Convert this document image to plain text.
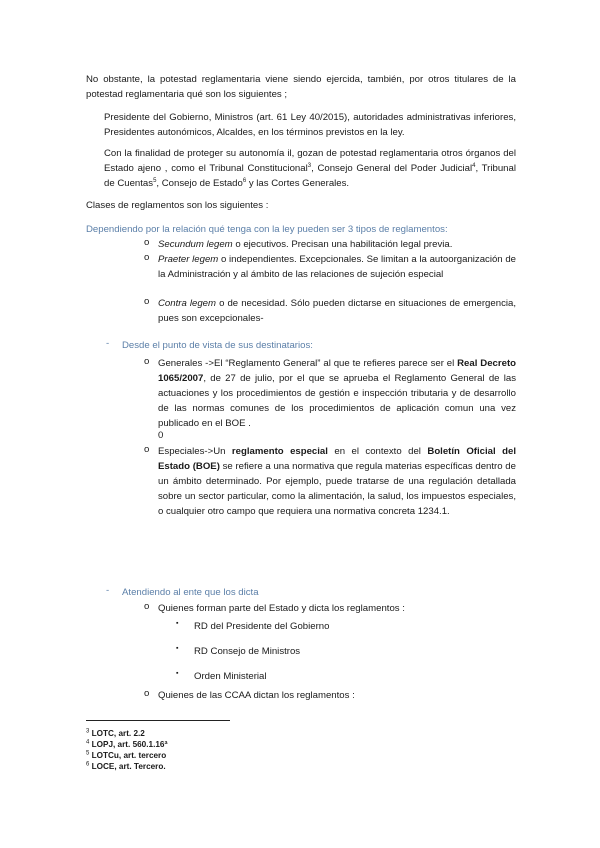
No obstante, la potestad reglamentaria viene siendo ejercida, también, por otros titulares de la potestad reglamentaria qué son los siguientes ;

Presidente del Gobierno, Ministros (art. 61 Ley 40/2015), autoridades administrativas inferiores, Presidentes autonómicos, Alcaldes, en los términos previstos en la ley.

Con la finalidad de proteger su autonomía il, gozan de potestad reglamentaria otros órganos del Estado ajeno , como el Tribunal Constitucional$^3$, Consejo General del Poder Judicial$^4$, Tribunal de Cuentas$^5$, Consejo de Estado$^6$ y las Cortes Generales.

Clases de reglamentos son los siguientes :

Dependiendo por la relación qué tenga con la ley pueden ser 3 tipos de reglamentos:

o Secundum legem o ejecutivos. Precisan una habilitación legal previa.

o Praeter legem o independientes. Excepcionales. Se limitan a la autoorganización de la Administración y al ámbito de las relaciones de sujeción especial

o Contra legem o de necesidad. Sólo pueden dictarse en situaciones de emergencia, pues son excepcionales-

- Desde el punto de vista de sus destinatarios:

o Generales ->El “Reglamento General” al que te refieres parece ser el Real Decreto 1065/2007, de 27 de julio, por el que se aprueba el Reglamento General de las actuaciones y los procedimientos de gestión e inspección tributaria y de desarrollo de las normas comunes de los procedimientos de aplicación comun una vez publicado en el BOE .

0

o Especiales->Un reglamento especial en el contexto del Boletín Oficial del Estado (BOE) se refiere a una normativa que regula materias específicas dentro de un ámbito determinado. Por ejemplo, puede tratarse de una regulación detallada sobre un sector particular, como la alimentación, la salud, los impuestos especiales, o cualquier otro campo que requiera una normativa concreta 1234.1.

- Atendiendo al ente que los dicta

o Quienes forman parte del Estado y dicta los reglamentos :

▪ RD del Presidente del Gobierno

▪ RD Consejo de Ministros

▪ Orden Ministerial

o Quienes de las CCAA dictan los reglamentos :

$^3$ LOTC, art. 2.2

$^4$ LOPJ, art. 560.1.16ª

$^5$ LOTCu, art. tercero

$^6$ LOCE, art. Tercero.
